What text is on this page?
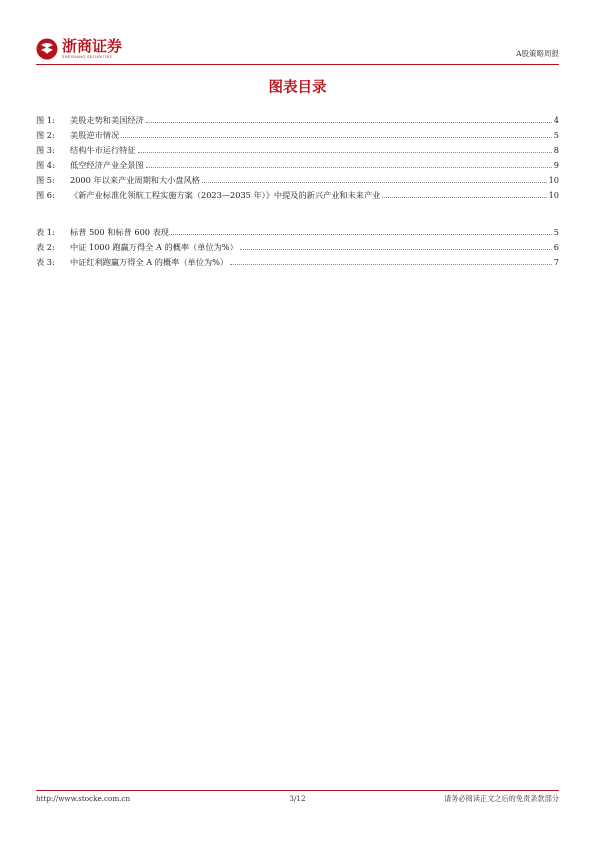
浙商证券
ZHESHANG SECURITIES	A股策略周报
图表目录
图 1:	美股走势和美国经济	4
图 2:	美股逆市情况	5
图 3:	结构牛市运行特征	8
图 4:	低空经济产业全景图	9
图 5:	2000 年以来产业周期和大小盘风格	10
图 6:	《新产业标准化领航工程实施方案（2023—2035 年）》中提及的新兴产业和未来产业	10
表 1:	标普 500 和标普 600 表现	5
表 2:	中证 1000 跑赢万得全 A 的概率（单位为%）	6
表 3:	中证红利跑赢万得全 A 的概率（单位为%）	7
http://www.stocke.com.cn	3/12	请务必阅读正文之后的免责条款部分
